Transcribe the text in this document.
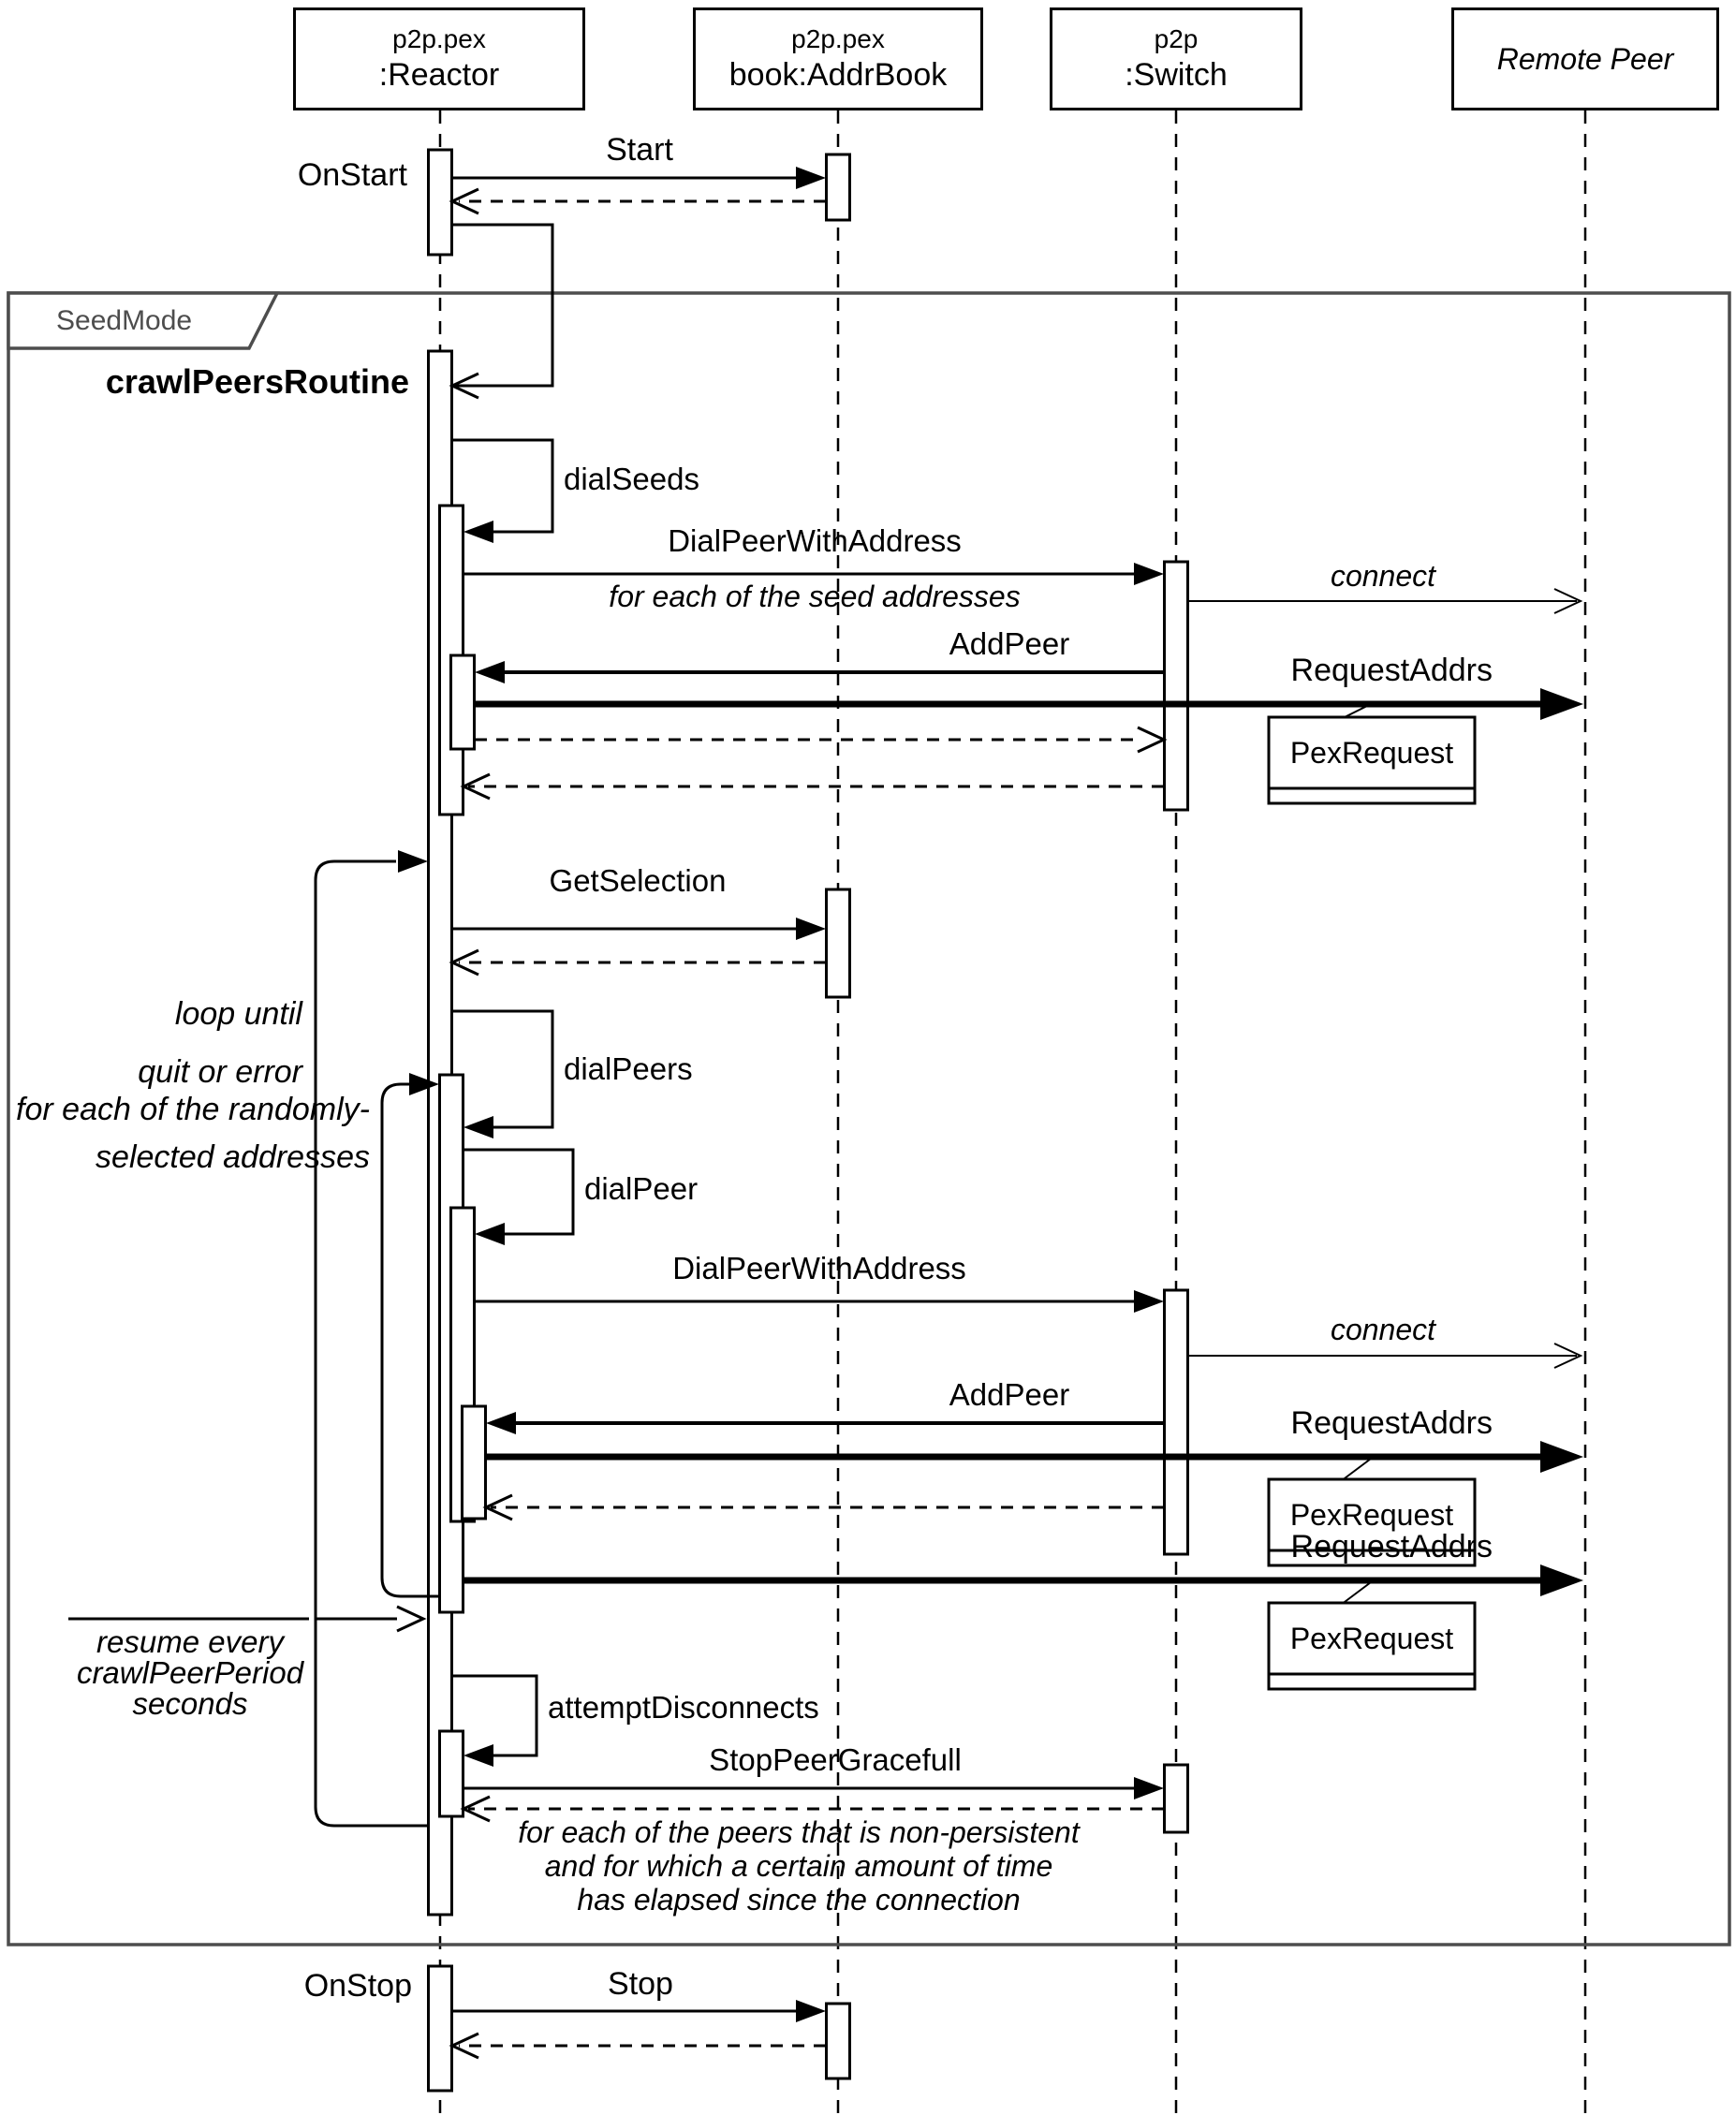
p2p.pex
:Reactor
p2p.pex
book:AddrBook
p2p
:Switch	Remote Peer
SeedMode
OnStart
Start
crawlPeersRoutine
dialSeeds
DialPeerWithAddress
for each of the seed addresses
connect
AddPeer
RequestAddrs
PexRequest
GetSelection
dialPeers
loop until
quit or error
for each of the randomly-
selected addresses
dialPeer
DialPeerWithAddress
connect
AddPeer
RequestAddrs
PexRequest
RequestAddrs
PexRequest
resume every
crawlPeerPeriod
seconds	attemptDisconnects
StopPeerGracefull
for each of the peers that is non-persistent
and for which a certain amount of time
has elapsed since the connection
OnStop	Stop
